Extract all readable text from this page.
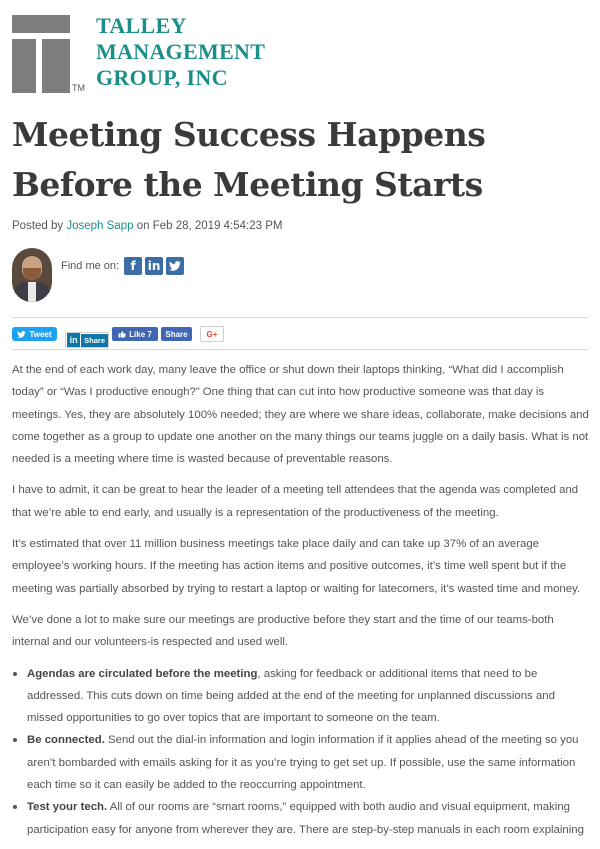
TM
TALLEY
MANAGEMENT
GROUP, INC
Meeting Success Happens Before the Meeting Starts
Posted by Joseph Sapp on Feb 28, 2019 4:54:23 PM
Find me on: f	in
Tweet
in Share
Like 7	Share	G+

At the end of each work day, many leave the office or shut down their laptops thinking, “What did I accomplish today” or “Was I productive enough?” One thing that can cut into how productive someone was that day is meetings. Yes, they are absolutely 100% needed; they are where we share ideas, collaborate, make decisions and come together as a group to update one another on the many things our teams juggle on a daily basis. What is not needed is a meeting where time is wasted because of preventable reasons.

I have to admit, it can be great to hear the leader of a meeting tell attendees that the agenda was completed and that we’re able to end early, and usually is a representation of the productiveness of the meeting.

It’s estimated that over 11 million business meetings take place daily and can take up 37% of an average employee’s working hours. If the meeting has action items and positive outcomes, it’s time well spent but if the meeting was partially absorbed by trying to restart a laptop or waiting for latecomers, it’s wasted time and money.

We’ve done a lot to make sure our meetings are productive before they start and the time of our teams-both internal and our volunteers-is respected and used well.

Agendas are circulated before the meeting, asking for feedback or additional items that need to be addressed. This cuts down on time being added at the end of the meeting for unplanned discussions and missed opportunities to go over topics that are important to someone on the team.
Be connected. Send out the dial-in information and login information if it applies ahead of the meeting so you aren’t bombarded with emails asking for it as you’re trying to get set up. If possible, use the same information each time so it can easily be added to the reoccurring appointment.
Test your tech. All of our rooms are “smart rooms,” equipped with both audio and visual equipment, making participation easy for anyone from wherever they are. There are step-by-step manuals in each room explaining
